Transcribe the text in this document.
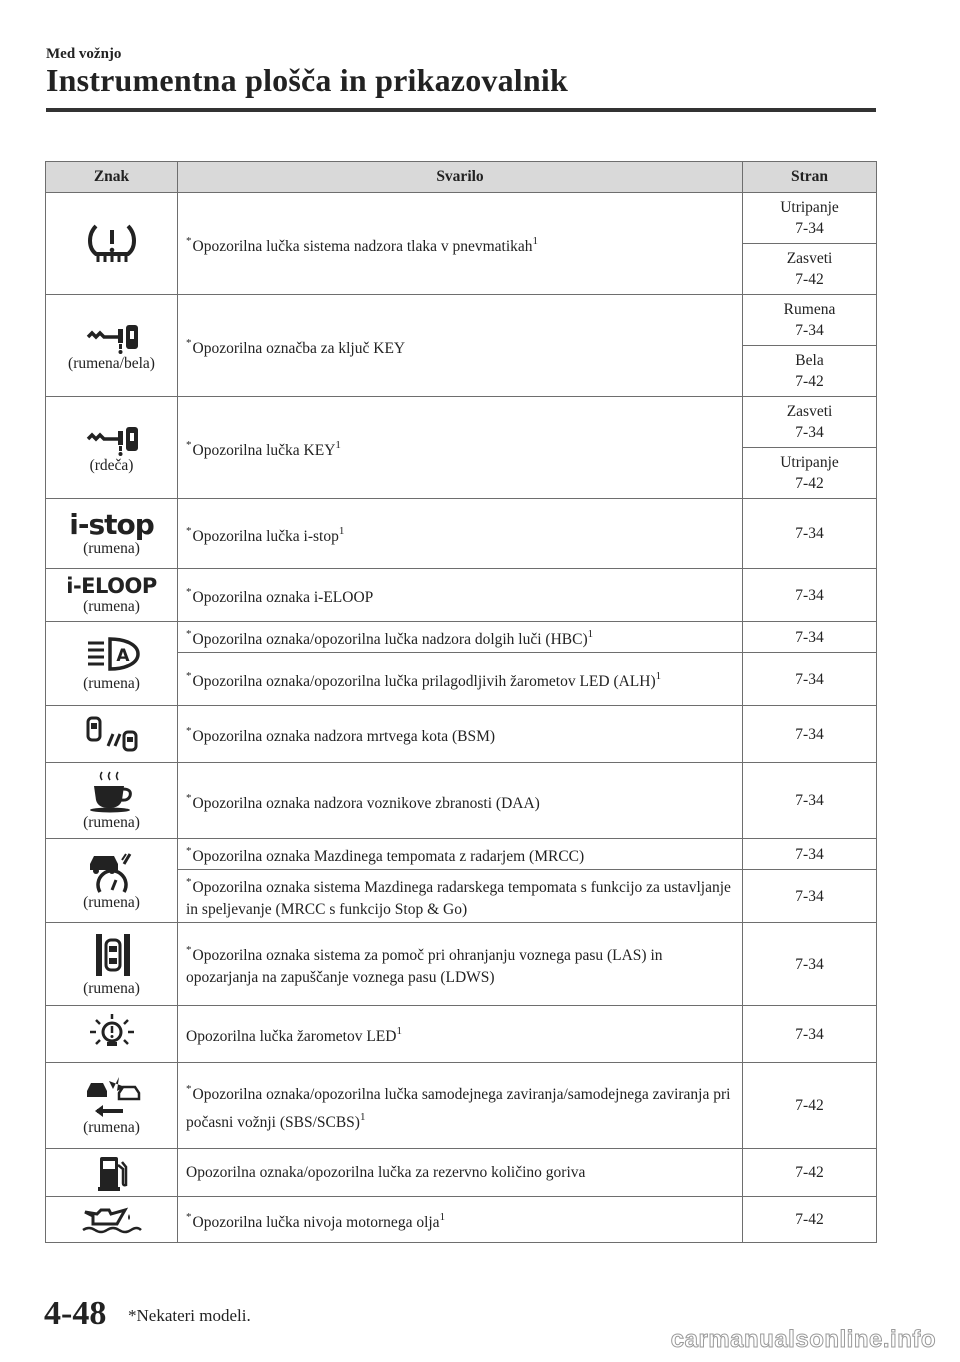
Med vožnjo
Instrumentna plošča in prikazovalnik
Znak	Svarilo	Stran

	*Opozorilna lučka sistema nadzora tlaka v pnevmatikah$^1$	Utripanje
7-34

		Zasveti
7-42

(rumena/bela)	*Opozorilna označba za ključ KEY	Rumena
7-34

		Bela
7-42

(rdeča)	*Opozorilna lučka KEY$^1$	Zasveti
7-34

		Utripanje
7-42

i-stop
(rumena)	*Opozorilna lučka i-stop$^1$	7-34

i-ELOOP
(rumena)	*Opozorilna oznaka i-ELOOP	7-34

A
(rumena)	*Opozorilna oznaka/opozorilna lučka nadzora dolgih luči (HBC)$^1$	7-34
	*Opozorilna oznaka/opozorilna lučka prilagodljivih žarometov LED (ALH)$^1$	7-34

	*Opozorilna oznaka nadzora mrtvega kota (BSM)	7-34

(rumena)	*Opozorilna oznaka nadzora voznikove zbranosti (DAA)	7-34

(rumena)	*Opozorilna oznaka Mazdinega tempomata z radarjem (MRCC)	7-34
	*Opozorilna oznaka sistema Mazdinega radarskega tempomata s funkcijo za ustavljanje in speljevanje (MRCC s funkcijo Stop & Go)	7-34

(rumena)	*Opozorilna oznaka sistema za pomoč pri ohranjanju voznega pasu (LAS) in opozarjanja na zapuščanje voznega pasu (LDWS)	7-34

	Opozorilna lučka žarometov LED$^1$	7-34

(rumena)	*Opozorilna oznaka/opozorilna lučka samodejnega zaviranja/samodejnega zaviranja pri počasni vožnji (SBS/SCBS)$^1$	7-42

	Opozorilna oznaka/opozorilna lučka za rezervno količino goriva	7-42

	*Opozorilna lučka nivoja motornega olja$^1$	7-42
4-48 *Nekateri modeli.
carmanualsonline.info
